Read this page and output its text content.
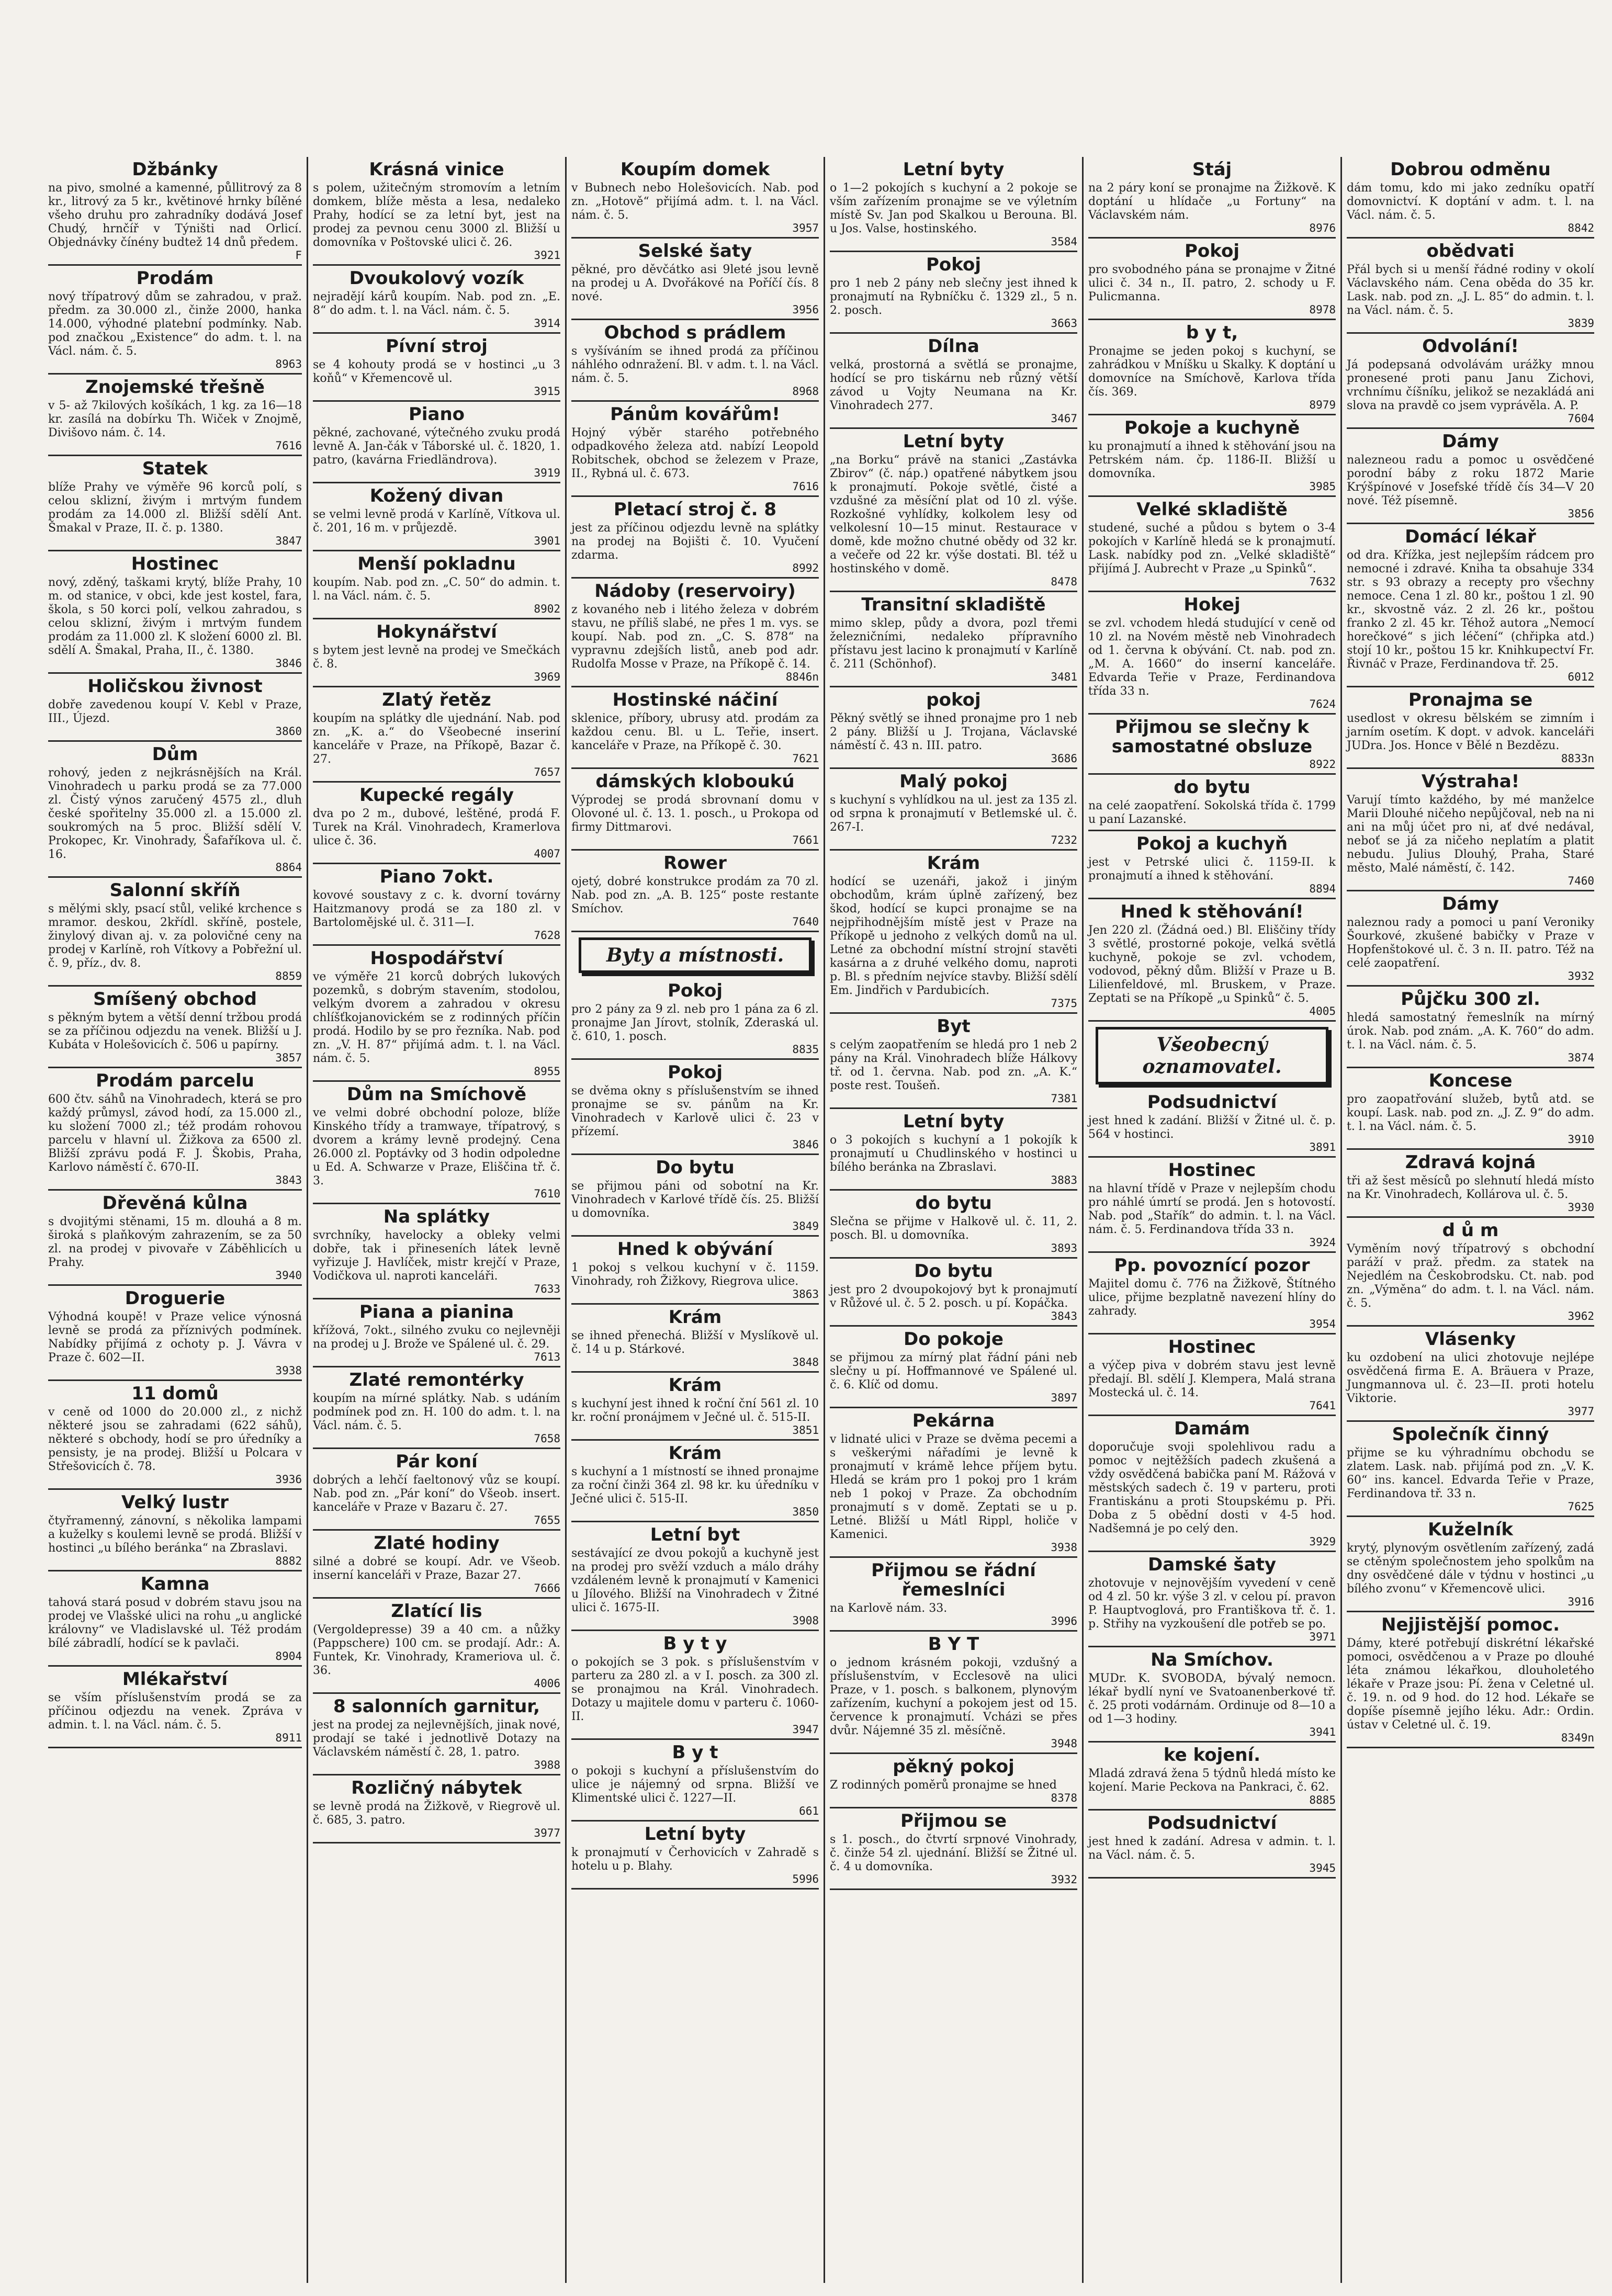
Džbánky
na pivo, smolné a kamenné, půllitrový za 8 kr., litrový za 5 kr., květinové hrnky bílěné všeho druhu pro zahradníky dodává Josef Chudý, hrnčíř v Týništi nad Orlicí. Objednávky čínény budtež 14 dnů předem.
F
Prodám
nový třípatrový dům se zahradou, v praž. předm. za 30.000 zl., činže 2000, hanka 14.000, výhodné platební podmínky. Nab. pod značkou „Existence“ do adm. t. l. na Václ. nám. č. 5.
8963
Znojemské třešně
v 5- až 7kilových košíkách, 1 kg. za 16—18 kr. zasílá na dobírku Th. Wiček v Znojmě, Divišovo nám. č. 14.
7616
Statek
blíže Prahy ve výměře 96 korců polí, s celou sklizní, živým i mrtvým fundem prodám za 14.000 zl. Bližší sdělí Ant. Šmakal v Praze, II. č. p. 1380.
3847
Hostinec
nový, zděný, taškami krytý, blíže Prahy, 10 m. od stanice, v obci, kde jest kostel, fara, škola, s 50 korci polí, velkou zahradou, s celou sklizní, živým i mrtvým fundem prodám za 11.000 zl. K složení 6000 zl. Bl. sdělí A. Šmakal, Praha, II., č. 1380.
3846
Holičskou živnost
dobře zavedenou koupí V. Kebl v Praze, III., Újezd.
3860
Dům
rohový, jeden z nejkrásnějších na Král. Vinohradech u parku prodá se za 77.000 zl. Čistý výnos zaručený 4575 zl., dluh české spořitelny 35.000 zl. a 15.000 zl. soukromých na 5 proc. Bližší sdělí V. Prokopec, Kr. Vinohrady, Šafaříkova ul. č. 16.
8864
Salonní skříň
s mělými skly, psací stůl, veliké krchence s mramor. deskou, 2křídl. skříně, postele, žinylový divan aj. v. za polovičné ceny na prodej v Karlíně, roh Vítkovy a Pobřežní ul. č. 9, příz., dv. 8.
8859
Smíšený obchod
s pěkným bytem a větší denní tržbou prodá se za příčinou odjezdu na venek. Bližší u J. Kubáta v Holešovicích č. 506 u papírny.
3857
Prodám parcelu
600 čtv. sáhů na Vinohradech, která se pro každý průmysl, závod hodí, za 15.000 zl., ku složení 7000 zl.; též prodám rohovou parcelu v hlavní ul. Žižkova za 6500 zl. Bližší zprávu podá F. J. Škobis, Praha, Karlovo náměstí č. 670-II.
3843
Dřevěná kůlna
s dvojitými stěnami, 15 m. dlouhá a 8 m. široká s plaňkovým zahrazením, se za 50 zl. na prodej v pivovaře v Záběhlicích u Prahy.
3940
Droguerie
Výhodná koupě! v Praze velice výnosná levně se prodá za příznivých podmínek. Nabídky přijímá z ochoty p. J. Vávra v Praze č. 602—II.
3938
11 domů
v ceně od 1000 do 20.000 zl., z nichž některé jsou se zahradami (622 sáhů), některé s obchody, hodí se pro úředníky a pensisty, je na prodej. Bližší u Polcara v Střešovicích č. 78.
3936
Velký lustr
čtyřramenný, zánovní, s několika lampami a kuželky s koulemi levně se prodá. Bližší v hostinci „u bílého beránka“ na Zbraslavi.
8882
Kamna
tahová stará posud v dobrém stavu jsou na prodej ve Vlašské ulici na rohu „u anglické královny“ ve Vladislavské ul. Též prodám bílé zábradlí, hodící se k pavlači.
8904
Mlékařství
se vším příslušenstvím prodá se za příčinou odjezdu na venek. Zpráva v admin. t. l. na Václ. nám. č. 5.
8911
Krásná vinice
s polem, užitečným stromovím a letním domkem, blíže města a lesa, nedaleko Prahy, hodící se za letní byt, jest na prodej za pevnou cenu 3000 zl. Bližší u domovníka v Poštovské ulici č. 26.
3921
Dvoukolový vozík
nejradějí kárů koupím. Nab. pod zn. „E. 8“ do adm. t. l. na Václ. nám. č. 5.
3914
Pívní stroj
se 4 kohouty prodá se v hostinci „u 3 koňů“ v Křemencově ul.
3915
Piano
pěkné, zachované, výtečného zvuku prodá levně A. Jan-čák v Táborské ul. č. 1820, 1. patro, (kavárna Friedländrova).
3919
Kožený divan
se velmi levně prodá v Karlíně, Vítkova ul. č. 201, 16 m. v průjezdě.
3901
Menší pokladnu
koupím. Nab. pod zn. „C. 50“ do admin. t. l. na Václ. nám. č. 5.
8902
Hokynářství
s bytem jest levně na prodej ve Smečkách č. 8.
3969
Zlatý řetěz
koupím na splátky dle ujednání. Nab. pod zn. „K. a.“ do Všeobecné inseriní kanceláře v Praze, na Příkopě, Bazar č. 27.
7657
Kupecké regály
dva po 2 m., dubové, leštěné, prodá F. Turek na Král. Vinohradech, Kramerlova ulice č. 36.
4007
Piano 7okt.
kovové soustavy z c. k. dvorní továrny Haitzmanovy prodá se za 180 zl. v Bartolomějské ul. č. 311—I.
7628
Hospodářství
ve výměře 21 korců dobrých lukových pozemků, s dobrým stavením, stodolou, velkým dvorem a zahradou v okresu chlíšťkojanovickém se z rodinných příčin prodá. Hodilo by se pro řezníka. Nab. pod zn. „V. H. 87“ přijímá adm. t. l. na Václ. nám. č. 5.
8955
Dům na Smíchově
ve velmi dobré obchodní poloze, blíže Kinského třídy a tramwaye, třípatrový, s dvorem a krámy levně prodejný. Cena 26.000 zl. Poptávky od 3 hodin odpoledne u Ed. A. Schwarze v Praze, Eliščina tř. č. 3.
7610
Na splátky
svrchníky, havelocky a obleky velmi dobře, tak i přineseních látek levně vyřizuje J. Havlíček, mistr krejčí v Praze, Vodičkova ul. naproti kanceláři.
7633
Piana a pianina
křížová, 7okt., silného zvuku co nejlevněji na prodej u J. Brože ve Spálené ul. č. 29.
7613
Zlaté remontérky
koupím na mírné splátky. Nab. s udáním podmínek pod zn. H. 100 do adm. t. l. na Václ. nám. č. 5.
7658
Pár koní
dobrých a lehčí faeltonový vůz se koupí. Nab. pod zn. „Pár koní“ do Všeob. insert. kanceláře v Praze v Bazaru č. 27.
7655
Zlaté hodiny
silné a dobré se koupí. Adr. ve Všeob. inserní kanceláři v Praze, Bazar 27.
7666
Zlatící lis
(Vergoldepresse) 39 a 40 cm. a nůžky (Pappschere) 100 cm. se prodají. Adr.: A. Funtek, Kr. Vinohrady, Krameriova ul. č. 36.
4006
8 salonních garnitur,
jest na prodej za nejlevnějších, jinak nové, prodají se také i jednotlivě Dotazy na Václavském náměstí č. 28, 1. patro.
3988
Rozličný nábytek
se levně prodá na Žižkově, v Riegrově ul. č. 685, 3. patro.
3977
Koupím domek
v Bubnech nebo Holešovicích. Nab. pod zn. „Hotově“ přijímá adm. t. l. na Václ. nám. č. 5.
3957
Selské šaty
pěkné, pro děvčátko asi 9leté jsou levně na prodej u A. Dvořákové na Poříčí čís. 8 nové.
3956
Obchod s prádlem
s vyšíváním se ihned prodá za příčinou náhlého odnražení. Bl. v adm. t. l. na Václ. nám. č. 5.
8968
Pánům kovářům!
Hojný výběr starého potřebného odpadkového železa atd. nabízí Leopold Robitschek, obchod se železem v Praze, II., Rybná ul. č. 673.
7616
Pletací stroj č. 8
jest za příčinou odjezdu levně na splátky na prodej na Bojišti č. 10. Vyučení zdarma.
8992
Nádoby (reservoiry)
z kovaného neb i litého železa v dobrém stavu, ne příliš slabé, ne přes 1 m. vys. se koupí. Nab. pod zn. „C. S. 878“ na vypravnu zdejších listů, aneb pod adr. Rudolfa Mosse v Praze, na Příkopě č. 14.
8846n
Hostinské náčiní
sklenice, příbory, ubrusy atd. prodám za každou cenu. Bl. u L. Teřie, insert. kanceláře v Praze, na Příkopě č. 30.
7621
dámských kloboukú
Výprodej se prodá sbrovnaní domu v Olovoné ul. č. 13. 1. posch., u Prokopa od firmy Dittmarovi.
7661
Rower
ojetý, dobré konstrukce prodám za 70 zl. Nab. pod zn. „A. B. 125“ poste restante Smíchov.
7640
Byty a místnosti.
Pokoj
pro 2 pány za 9 zl. neb pro 1 pána za 6 zl. pronajme Jan Jírovt, stolník, Zderaská ul. č. 610, 1. posch.
8835
Pokoj
se dvěma okny s příslušenstvím se ihned pronajme se sv. pánům na Kr. Vinohradech v Karlově ulici č. 23 v přízemí.
3846
Do bytu
se přijmou páni od sobotní na Kr. Vinohradech v Karlové třídě čís. 25. Bližší u domovníka.
3849
Hned k obývání
1 pokoj s velkou kuchyní v č. 1159. Vinohrady, roh Žižkovy, Riegrova ulice.
3863
Krám
se ihned přenechá. Bližší v Myslíkově ul. č. 14 u p. Stárkové.
3848
Krám
s kuchyní jest ihned k roční ční 561 zl. 10 kr. roční pronájmem v Ječné ul. č. 515-II.
3851
Krám
s kuchyní a 1 místností se ihned pronajme za roční činži 364 zl. 98 kr. ku úředníku v Ječné ulici č. 515-II.
3850
Letní byt
sestávající ze dvou pokojů a kuchyně jest na prodej pro svěží vzduch a málo dráhy vzdáleném levně k pronajmutí v Kamenici u Jílového. Bližší na Vinohradech v Žitné ulici č. 1675-II.
3908
B y t y
o pokojích se 3 pok. s příslušenstvím v parteru za 280 zl. a v I. posch. za 300 zl. se pronajmou na Král. Vinohradech. Dotazy u majitele domu v parteru č. 1060-II.
3947
B y t
o pokoji s kuchyní a příslušenstvím do ulice je nájemný od srpna. Bližší ve Klimentské ulici č. 1227—II.
661
Letní byty
k pronajmutí v Čerhovicích v Zahradě s hotelu u p. Blahy.
5996
Letní byty
o 1—2 pokojích s kuchyní a 2 pokoje se vším zařízením pronajme se ve výletním místě Sv. Jan pod Skalkou u Berouna. Bl. u Jos. Valse, hostinského.
3584
Pokoj
pro 1 neb 2 pány neb slečny jest ihned k pronajmutí na Rybníčku č. 1329 zl., 5 n. 2. posch.
3663
Dílna
velká, prostorná a světlá se pronajme, hodící se pro tiskárnu neb různý větší závod u Vojty Neumana na Kr. Vinohradech 277.
3467
Letní byty
„na Borku“ právě na stanici „Zastávka Zbirov“ (č. náp.) opatřené nábytkem jsou k pronajmutí. Pokoje světlé, čisté a vzdušné za měsíční plat od 10 zl. výše. Rozkošné vyhlídky, kolkolem lesy od velkolesní 10—15 minut. Restaurace v domě, kde možno chutné obědy od 32 kr. a večeře od 22 kr. výše dostati. Bl. též u hostinského v domě.
8478
Transitní skladiště
mimo sklep, půdy a dvora, pozl třemi železničními, nedaleko přípravního přístavu jest lacino k pronajmutí v Karlíně č. 211 (Schönhof).
3481
pokoj
Pěkný světlý se ihned pronajme pro 1 neb 2 pány. Bližší u J. Trojana, Václavské náměstí č. 43 n. III. patro.
3686
Malý pokoj
s kuchyní s vyhlídkou na ul. jest za 135 zl. od srpna k pronajmutí v Betlemské ul. č. 267-I.
7232
Krám
hodící se uzenáři, jakož i jiným obchodům, krám úplně zařízený, bez škod, hodící se kupci pronajme se na nejpřihodnějším místě jest v Praze na Příkopě u jednoho z velkých domů na ul. Letné za obchodní místní strojní stavěti kasárna a z druhé velkého domu, naproti p. Bl. s předním nejvíce stavby. Bližší sdělí Em. Jindřich v Pardubicích.
7375
Byt
s celým zaopatřením se hledá pro 1 neb 2 pány na Král. Vinohradech blíže Hálkovy tř. od 1. června. Nab. pod zn. „A. K.“ poste rest. Toušeň.
7381
Letní byty
o 3 pokojích s kuchyní a 1 pokojík k pronajmutí u Chudlinského v hostinci u bílého beránka na Zbraslavi.
3883
do bytu
Slečna se přijme v Halkově ul. č. 11, 2. posch. Bl. u domovníka.
3893
Do bytu
jest pro 2 dvoupokojový byt k pronajmutí v Růžové ul. č. 5 2. posch. u pí. Kopáčka.
3843
Do pokoje
se přijmou za mírný plat řádní páni neb slečny u pí. Hoffmannové ve Spálené ul. č. 6. Klíč od domu.
3897
Pekárna
v lidnaté ulici v Praze se dvěma pecemi a s veškerými nářadími je levně k pronajmutí v krámě lehce příjem bytu. Hledá se krám pro 1 pokoj pro 1 krám neb 1 pokoj v Praze. Za obchodním pronajmutí s v domě. Zeptati se u p. Letné. Bližší u Mátl Rippl, holiče v Kamenici.
3938
Přijmou se řádní řemeslníci
na Karlově nám. 33.
3996
B Y T
o jednom krásném pokoji, vzdušný a příslušenstvím, v Ecclesově na ulici Praze, v 1. posch. s balkonem, plynovým zařízením, kuchyní a pokojem jest od 15. července k pronajmutí. Vcházi se přes dvůr. Nájemné 35 zl. měsíčně.
3948
pěkný pokoj
Z rodinných poměrů pronajme se hned
8378
Přijmou se
s 1. posch., do čtvrtí srpnové Vinohrady, č. činže 54 zl. ujednání. Bližší se Žitné ul. č. 4 u domovníka.
3932
Stáj
na 2 páry koní se pronajme na Žižkově. K doptání u hlídače „u Fortuny“ na Václavském nám.
8976
Pokoj
pro svobodného pána se pronajme v Žitné ulici č. 34 n., II. patro, 2. schody u F. Pulicmanna.
8978
b y t,
Pronajme se jeden pokoj s kuchyní, se zahrádkou v Mníšku u Skalky. K doptání u domovníce na Smíchově, Karlova třída čís. 369.
8979
Pokoje a kuchyně
ku pronajmutí a ihned k stěhování jsou na Petrském nám. čp. 1186-II. Bližší u domovníka.
3985
Velké skladiště
studené, suché a půdou s bytem o 3-4 pokojích v Karlíně hledá se k pronajmutí. Lask. nabídky pod zn. „Velké skladiště“ přijímá J. Aubrecht v Praze „u Spinků“.
7632
Hokej
se zvl. vchodem hledá studující v ceně od 10 zl. na Novém městě neb Vinohradech od 1. června k obývání. Ct. nab. pod zn. „M. A. 1660“ do inserní kanceláře. Edvarda Teřie v Praze, Ferdinandova třída 33 n.
7624
Přijmou se slečny k samostatné obsluze
8922
do bytu
na celé zaopatření. Sokolská třída č. 1799 u paní Lazanské.
Pokoj a kuchyň
jest v Petrské ulici č. 1159-II. k pronajmutí a ihned k stěhování.
8894
Hned k stěhování!
Jen 220 zl. (Žádná oed.) Bl. Eliščiny třídy 3 světlé, prostorné pokoje, velká světlá kuchyně, pokoje se zvl. vchodem, vodovod, pěkný dům. Bližší v Praze u B. Lilienfeldové, ml. Bruskem, v Praze. Zeptati se na Příkopě „u Spinků“ č. 5.
4005
Všeobecný oznamovatel.
Podsudnictví
jest hned k zadání. Bližší v Žitné ul. č. p. 564 v hostinci.
3891
Hostinec
na hlavní třídě v Praze v nejlepším chodu pro náhlé úmrtí se prodá. Jen s hotovostí. Nab. pod „Stařík“ do admin. t. l. na Václ. nám. č. 5. Ferdinandova třída 33 n.
3924
Pp. povoznící pozor
Majitel domu č. 776 na Žižkově, Štítného ulice, přijme bezplatně navezení hlíny do zahrady.
3954
Hostinec
a výčep piva v dobrém stavu jest levně předají. Bl. sdělí J. Klempera, Malá strana Mostecká ul. č. 14.
7641
Damám
doporučuje svoji spolehlivou radu a pomoc v nejtěžších padech zkušená a vždy osvědčená babička paní M. Rážová v městských sadech č. 19 v parteru, proti Frantiskánu a proti Stoupskému p. Při. Doba z 5 obědní dosti v 4-5 hod. Nadšemná je po celý den.
3929
Damské šaty
zhotovuje v nejnovějším vyvedení v ceně od 4 zl. 50 kr. výše 3 zl. v celou pí. pravon P. Hauptvoglová, pro Františkova tř. č. 1. p. Střihy na vyzkoušení dle potřeb se po.
3971
Na Smíchov.
MUDr. K. SVOBODA, bývalý nemocn. lékař bydlí nyní ve Svatoanenberkové tř. č. 25 proti vodárnám. Ordinuje od 8—10 a od 1—3 hodiny.
3941
ke kojení.
Mladá zdravá žena 5 týdnů hledá místo ke kojení. Marie Peckova na Pankraci, č. 62.
8885
Podsudnictví
jest hned k zadání. Adresa v admin. t. l. na Václ. nám. č. 5.
3945
Dobrou odměnu
dám tomu, kdo mi jako zedníku opatří domovnictví. K doptání v adm. t. l. na Václ. nám. č. 5.
8842
obědvati
Přál bych si u menší řádné rodiny v okolí Václavského nám. Cena oběda do 35 kr. Lask. nab. pod zn. „J. L. 85“ do admin. t. l. na Václ. nám. č. 5.
3839
Odvolání!
Já podepsaná odvolávám urážky mnou pronesené proti panu Janu Zichovi, vrchnímu číšníku, jelikož se nezakládá ani slova na pravdě co jsem vyprávěla. A. P.
7604
Dámy
nalezneou radu a pomoc u osvědčené porodní báby z roku 1872 Marie Krýšpínové v Josefské třídě čís 34—V 20 nové. Též písemně.
3856
Domácí lékař
od dra. Křížka, jest nejlepším rádcem pro nemocné i zdravé. Kniha ta obsahuje 334 str. s 93 obrazy a recepty pro všechny nemoce. Cena 1 zl. 80 kr., poštou 1 zl. 90 kr., skvostně váz. 2 zl. 26 kr., poštou franko 2 zl. 45 kr. Téhož autora „Nemocí horečkové“ s jich léčení“ (chřipka atd.) stojí 10 kr., poštou 15 kr. Knihkupectví Fr. Řivnáč v Praze, Ferdinandova tř. 25.
6012
Pronajma se
usedlost v okresu bělském se zimním i jarním osetím. K dopt. v advok. kanceláři JUDra. Jos. Honce v Bělé n Bezdězu.
8833n
Výstraha!
Varují tímto každého, by mé manželce Marii Dlouhé ničeho nepůjčoval, neb na ni ani na můj účet pro ni, ať dvé nedával, neboť se já za ničeho neplatím a platit nebudu. Julius Dlouhý, Praha, Staré město, Malé náměstí, č. 142.
7460
Dámy
naleznou rady a pomoci u paní Veroniky Šourkové, zkušené babičky v Praze v Hopfenštokové ul. č. 3 n. II. patro. Též na celé zaopatření.
3932
Půjčku 300 zl.
hledá samostatný řemeslník na mírný úrok. Nab. pod znám. „A. K. 760“ do adm. t. l. na Václ. nám. č. 5.
3874
Koncese
pro zaopatřování služeb, bytů atd. se koupí. Lask. nab. pod zn. „J. Z. 9“ do adm. t. l. na Václ. nám. č. 5.
3910
Zdravá kojná
tři až šest měsíců po slehnutí hledá místo na Kr. Vinohradech, Kollárova ul. č. 5.
3930
d ů m
Vyměním nový třípatrový s obchodní paráží v praž. předm. za statek na Nejedlém na Českobrodsku. Ct. nab. pod zn. „Výměna“ do adm. t. l. na Václ. nám. č. 5.
3962
Vlásenky
ku ozdobení na ulici zhotovuje nejlépe osvědčená firma E. A. Bräuera v Praze, Jungmannova ul. č. 23—II. proti hotelu Viktorie.
3977
Společník činný
přijme se ku výhradnímu obchodu se zlatem. Lask. nab. přijímá pod zn. „V. K. 60“ ins. kancel. Edvarda Teřie v Praze, Ferdinandova tř. 33 n.
7625
Kuželník
krytý, plynovým osvětlením zařízený, zadá se ctěným společnostem jeho spolkům na dny osvědčené dále v týdnu v hostinci „u bílého zvonu“ v Křemencově ulici.
3916
Nejjistější pomoc.
Dámy, které potřebují diskrétní lékařské pomoci, osvědčenou a v Praze po dlouhé léta známou lékařkou, dlouholetého lékaře v Praze jsou: Pí. žena v Celetné ul. č. 19. n. od 9 hod. do 12 hod. Lékaře se dopíše písemně jejího léku. Adr.: Ordin. ústav v Celetné ul. č. 19.
8349n
